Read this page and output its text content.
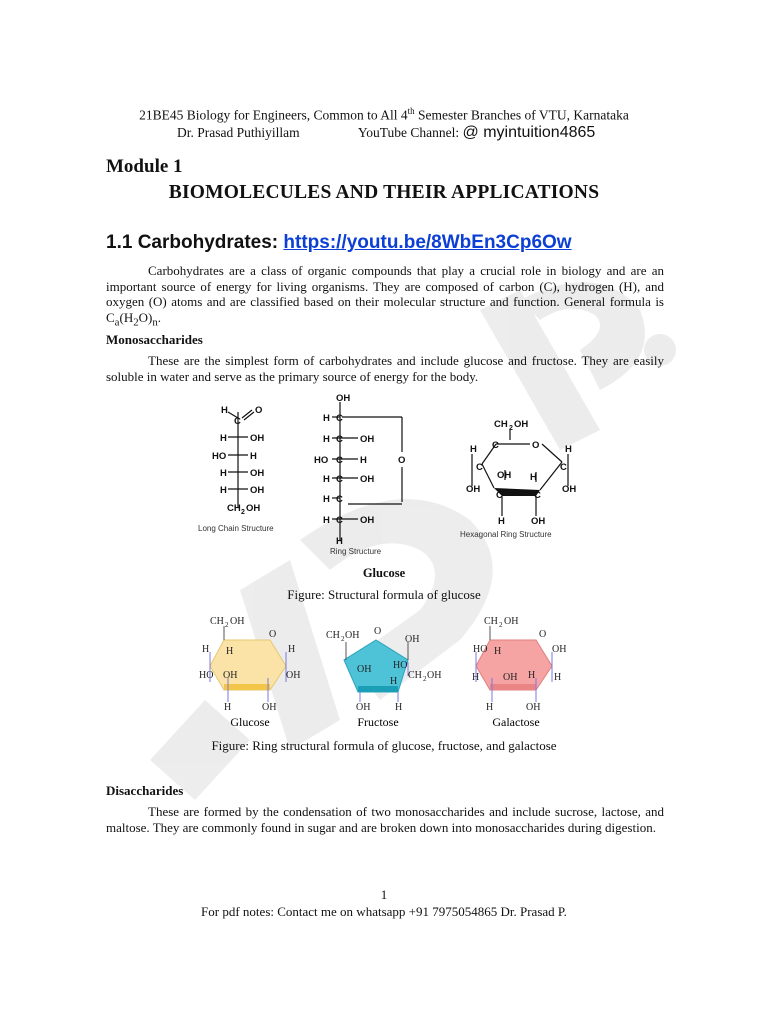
21BE45 Biology for Engineers, Common to All 4th Semester Branches of VTU, Karnataka
Dr. Prasad Puthiyillam	YouTube Channel: @ myintuition4865
Module 1
BIOMOLECULES AND THEIR APPLICATIONS
1.1 Carbohydrates: https://youtu.be/8WbEn3Cp6Ow

Carbohydrates are a class of organic compounds that play a crucial role in biology and are an important source of energy for living organisms. They are composed of carbon (C), hydrogen (H), and oxygen (O) atoms and are classified based on their molecular structure and function. General formula is $C_a(H_2O)_n$.

Monosaccharides

These are the simplest form of carbohydrates and include glucose and fructose. They are easily soluble in water and serve as the primary source of energy for the body.

H
C
O
H OH
HO	H
H OH
H OH
CH 2 OH
Long Chain Structure
OH
H C
H C OH
HO C H	O
H C OH
H C
H C OH
H
Ring Structure
CH 2 OH
C	O
H	H
C	C
OH H
OH	OH
C	C
H	OH
Hexagonal Ring Structure
Glucose
Figure: Structural formula of glucose
CH 2 OH
O
H H	H
HO OH	OH
H	OH
CH 2 OH O
OH
HO
CH 2 OH
OH
H
OH H
CH 2 OH
O
HO H	OH
H OH H H
H	OH
Glucose	Fructose	Galactose
Figure: Ring structural formula of glucose, fructose, and galactose
Disaccharides

These are formed by the condensation of two monosaccharides and include sucrose, lactose, and maltose. They are commonly found in sugar and are broken down into monosaccharides during digestion.

1
For pdf notes: Contact me on whatsapp +91 7975054865 Dr. Prasad P.
